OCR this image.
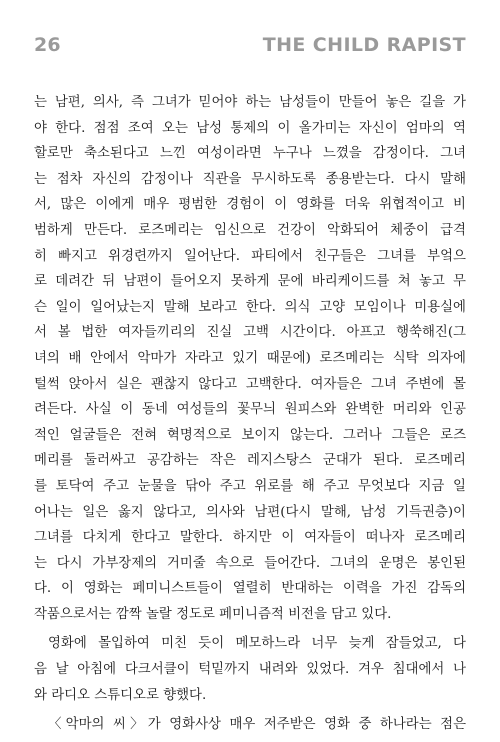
26	THE CHILD RAPIST
는 남편, 의사, 즉 그녀가 믿어야 하는 남성들이 만들어 놓은 길을 가
야 한다. 점점 조여 오는 남성 통제의 이 올가미는 자신이 엄마의 역
할로만 축소된다고 느낀 여성이라면 누구나 느꼈을 감정이다. 그녀
는 점차 자신의 감정이나 직관을 무시하도록 종용받는다. 다시 말해
서, 많은 이에게 매우 평범한 경험이 이 영화를 더욱 위협적이고 비
범하게 만든다. 로즈메리는 임신으로 건강이 악화되어 체중이 급격
히 빠지고 위경련까지 일어난다. 파티에서 친구들은 그녀를 부엌으
로 데려간 뒤 남편이 들어오지 못하게 문에 바리케이드를 쳐 놓고 무
슨 일이 일어났는지 말해 보라고 한다. 의식 고양 모임이나 미용실에
서 볼 법한 여자들끼리의 진실 고백 시간이다. 아프고 행쑥해진(그
녀의 배 안에서 악마가 자라고 있기 때문에) 로즈메리는 식탁 의자에
털썩 앉아서 실은 괜찮지 않다고 고백한다. 여자들은 그녀 주변에 몰
려든다. 사실 이 동네 여성들의 꽃무늬 원피스와 완벽한 머리와 인공
적인 얼굴들은 전혀 혁명적으로 보이지 않는다. 그러나 그들은 로즈
메리를 둘러싸고 공감하는 작은 레지스탕스 군대가 된다. 로즈메리
를 토닥여 주고 눈물을 닦아 주고 위로를 해 주고 무엇보다 지금 일
어나는 일은 옳지 않다고, 의사와 남편(다시 말해, 남성 기득권층)이
그녀를 다치게 한다고 말한다. 하지만 이 여자들이 떠나자 로즈메리
는 다시 가부장제의 거미줄 속으로 들어간다. 그녀의 운명은 봉인된
다. 이 영화는 페미니스트들이 열렬히 반대하는 이력을 가진 감독의
작품으로서는 깜짝 놀랄 정도로 페미니즘적 비전을 담고 있다.
영화에 몰입하여 미친 듯이 메모하느라 너무 늦게 잠들었고, 다
음 날 아침에 다크서클이 턱밑까지 내려와 있었다. 겨우 침대에서 나
와 라디오 스튜디오로 향했다.
〈악마의 씨〉가 영화사상 매우 저주받은 영화 중 하나라는 점은
